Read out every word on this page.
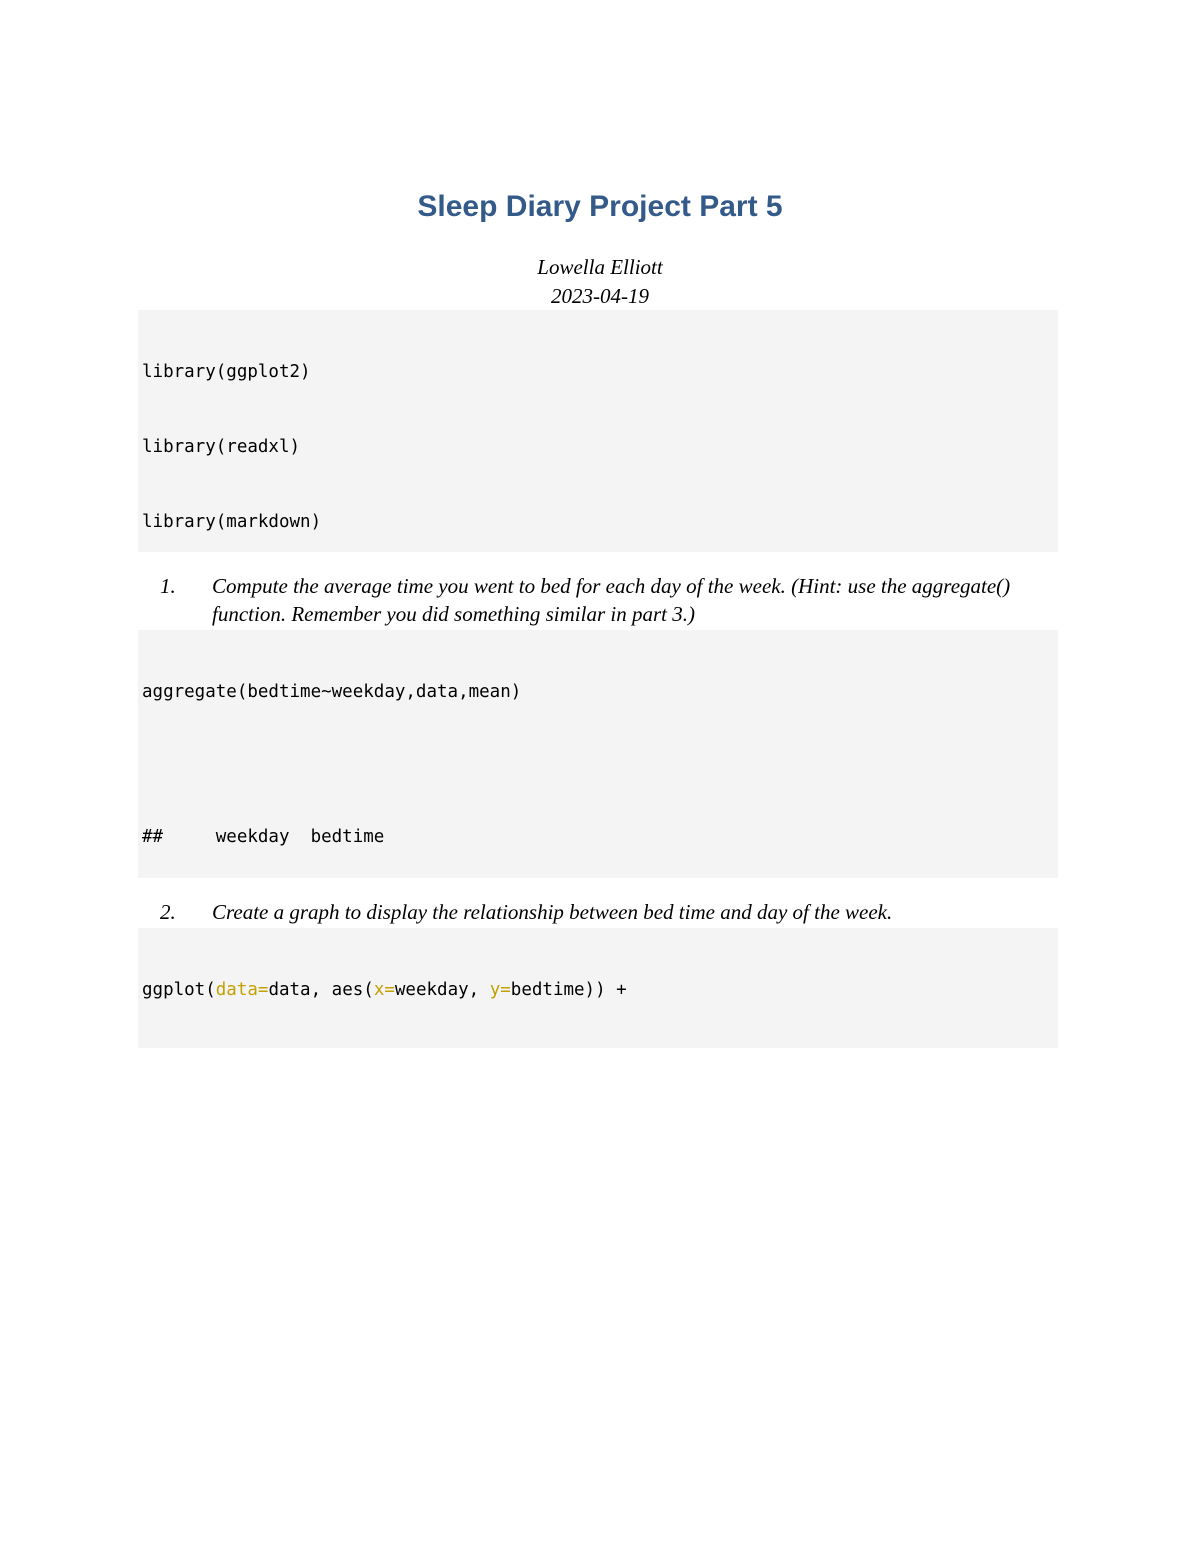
Sleep Diary Project Part 5
Lowella Elliott
2023-04-19

library(ggplot2)

library(readxl)

library(markdown)

1. Compute the average time you went to bed for each day of the week. (Hint: use the aggregate() function. Remember you did something similar in part 3.)

aggregate(bedtime~weekday,data,mean)

##     weekday  bedtime

2. Create a graph to display the relationship between bed time and day of the week.

ggplot(data=data, aes(x=weekday, y=bedtime)) +
